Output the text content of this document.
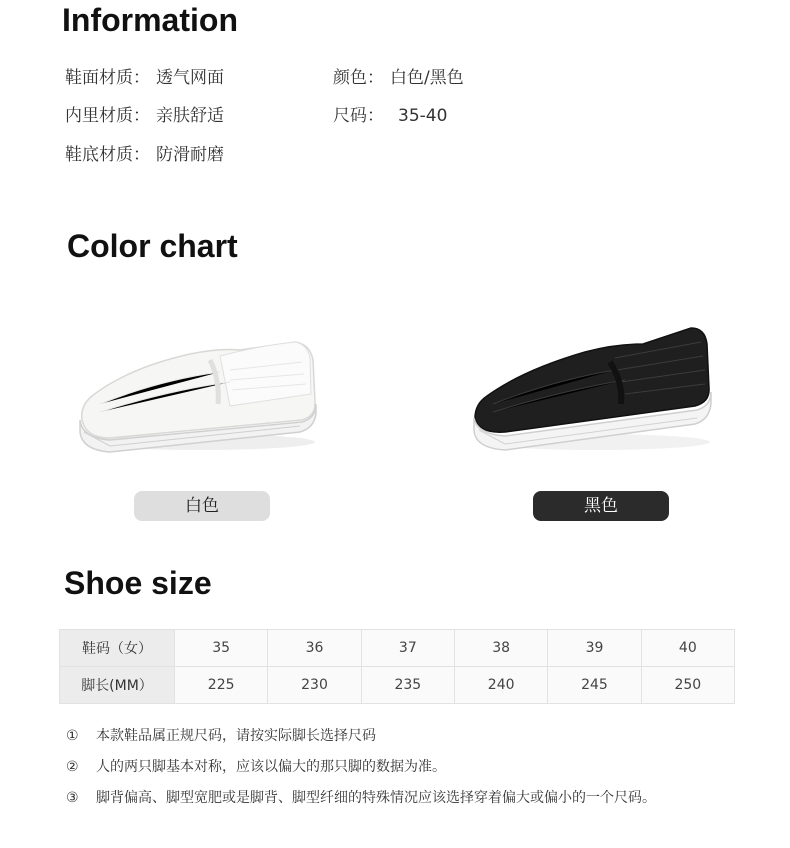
Information
鞋面材质： 透气网面	颜色： 白色/黑色
内里材质： 亲肤舒适	尺码： 35-40
鞋底材质： 防滑耐磨
Color chart
白色	黑色
Shoe size
鞋码（女）	35	36	37	38	39	40
脚长(MM）	225	230	235	240	245	250
① 本款鞋品属正规尺码，请按实际脚长选择尺码
② 人的两只脚基本对称，应该以偏大的那只脚的数据为准。
③ 脚背偏高、脚型宽肥或是脚背、脚型纤细的特殊情况应该选择穿着偏大或偏小的一个尺码。
